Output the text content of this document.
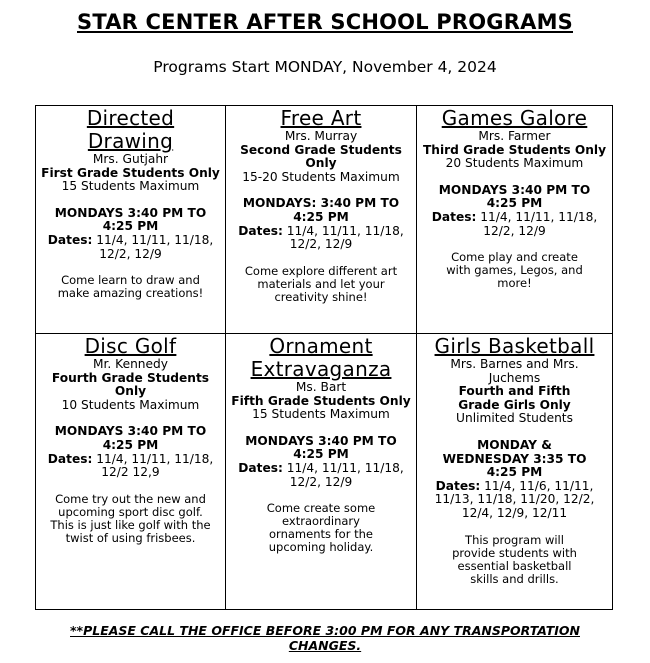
STAR CENTER AFTER SCHOOL PROGRAMS
Programs Start MONDAY, November 4, 2024
Directed Drawing
Mrs. Gutjahr
First Grade Students Only
15 Students Maximum
MONDAYS 3:40 PM TO 4:25 PM
Dates: 11/4, 11/11, 11/18, 12/2, 12/9
Come learn to draw and make amazing creations!
Free Art
Mrs. Murray
Second Grade Students Only
15-20 Students Maximum
MONDAYS: 3:40 PM TO 4:25 PM
Dates: 11/4, 11/11, 11/18, 12/2, 12/9
Come explore different art materials and let your creativity shine!
Games Galore
Mrs. Farmer
Third Grade Students Only
20 Students Maximum
MONDAYS 3:40 PM TO 4:25 PM
Dates: 11/4, 11/11, 11/18, 12/2, 12/9
Come play and create with games, Legos, and more!
Disc Golf
Mr. Kennedy
Fourth Grade Students Only
10 Students Maximum
MONDAYS 3:40 PM TO 4:25 PM
Dates: 11/4, 11/11, 11/18, 12/2 12,9
Come try out the new and upcoming sport disc golf. This is just like golf with the twist of using frisbees.
Ornament Extravaganza
Ms. Bart
Fifth Grade Students Only
15 Students Maximum
MONDAYS 3:40 PM TO 4:25 PM
Dates: 11/4, 11/11, 11/18, 12/2, 12/9
Come create some extraordinary ornaments for the upcoming holiday.
Girls Basketball
Mrs. Barnes and Mrs. Juchems
Fourth and Fifth Grade Girls Only
Unlimited Students
MONDAY & WEDNESDAY 3:35 TO 4:25 PM
Dates: 11/4, 11/6, 11/11, 11/13, 11/18, 11/20, 12/2, 12/4, 12/9, 12/11
This program will provide students with essential basketball skills and drills.
**PLEASE CALL THE OFFICE BEFORE 3:00 PM FOR ANY TRANSPORTATION CHANGES.
